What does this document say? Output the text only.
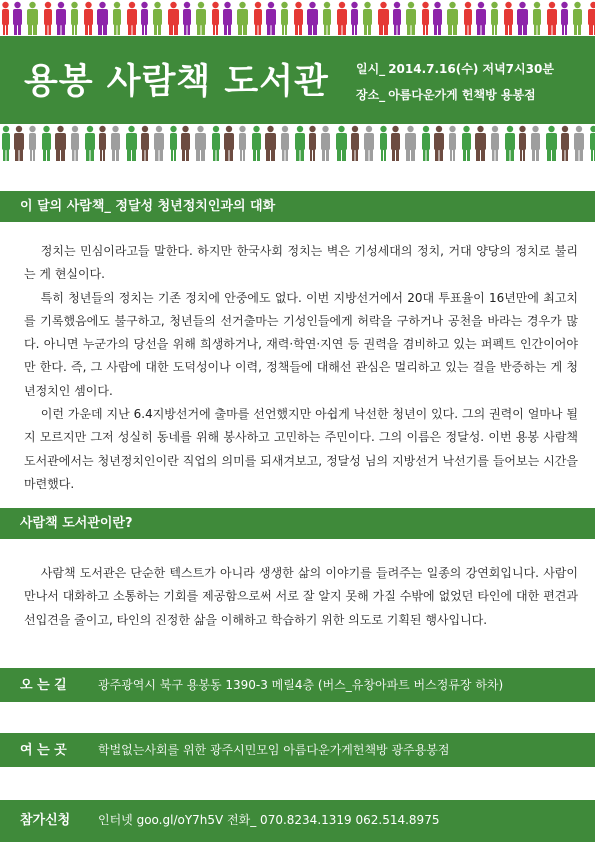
용봉 사람책 도서관 일시_ 2014.7.16(수) 저녁7시30분
장소_ 아름다운가게 헌책방 용봉점
이 달의 사람책_ 정달성 청년정치인과의 대화

정치는 민심이라고들 말한다. 하지만 한국사회 정치는 벽은 기성세대의 정치, 거대 양당의 정치로 불리는 게 현실이다.

특히 청년들의 정치는 기존 정치에 안중에도 없다. 이번 지방선거에서 20대 투표율이 16년만에 최고치를 기록했음에도 불구하고, 청년들의 선거출마는 기성인들에게 허락을 구하거나 공천을 바라는 경우가 많다. 아니면 누군가의 당선을 위해 희생하거나, 재력·학연·지연 등 권력을 겸비하고 있는 퍼펙트 인간이어야만 한다. 즉, 그 사람에 대한 도덕성이나 이력, 정책들에 대해선 관심은 멀리하고 있는 걸을 반증하는 게 청년정치인 셈이다.

이런 가운데 지난 6.4지방선거에 출마를 선언했지만 아쉽게 낙선한 청년이 있다. 그의 권력이 얼마나 될 지 모르지만 그저 성실히 동네를 위해 봉사하고 고민하는 주민이다. 그의 이름은 정달성. 이번 용봉 사람책 도서관에서는 청년정치인이란 직업의 의미를 되새겨보고, 정달성 님의 지방선거 낙선기를 들어보는 시간을 마련했다.

사람책 도서관이란?

사람책 도서관은 단순한 텍스트가 아니라 생생한 삶의 이야기를 들려주는 일종의 강연회입니다. 사람이 만나서 대화하고 소통하는 기회를 제공함으로써 서로 잘 알지 못해 가질 수밖에 없었던 타인에 대한 편견과 선입견을 줄이고, 타인의 진정한 삶을 이해하고 학습하기 위한 의도로 기획된 행사입니다.

오 는 길	광주광역시 북구 용봉동 1390-3 메릴4층 (버스_유창아파트 버스정류장 하차)
여 는 곳	학벌없는사회를 위한 광주시민모임 아름다운가게헌책방 광주용봉점
참가신청 인터넷 goo.gl/oY7h5V 전화_ 070.8234.1319 062.514.8975
